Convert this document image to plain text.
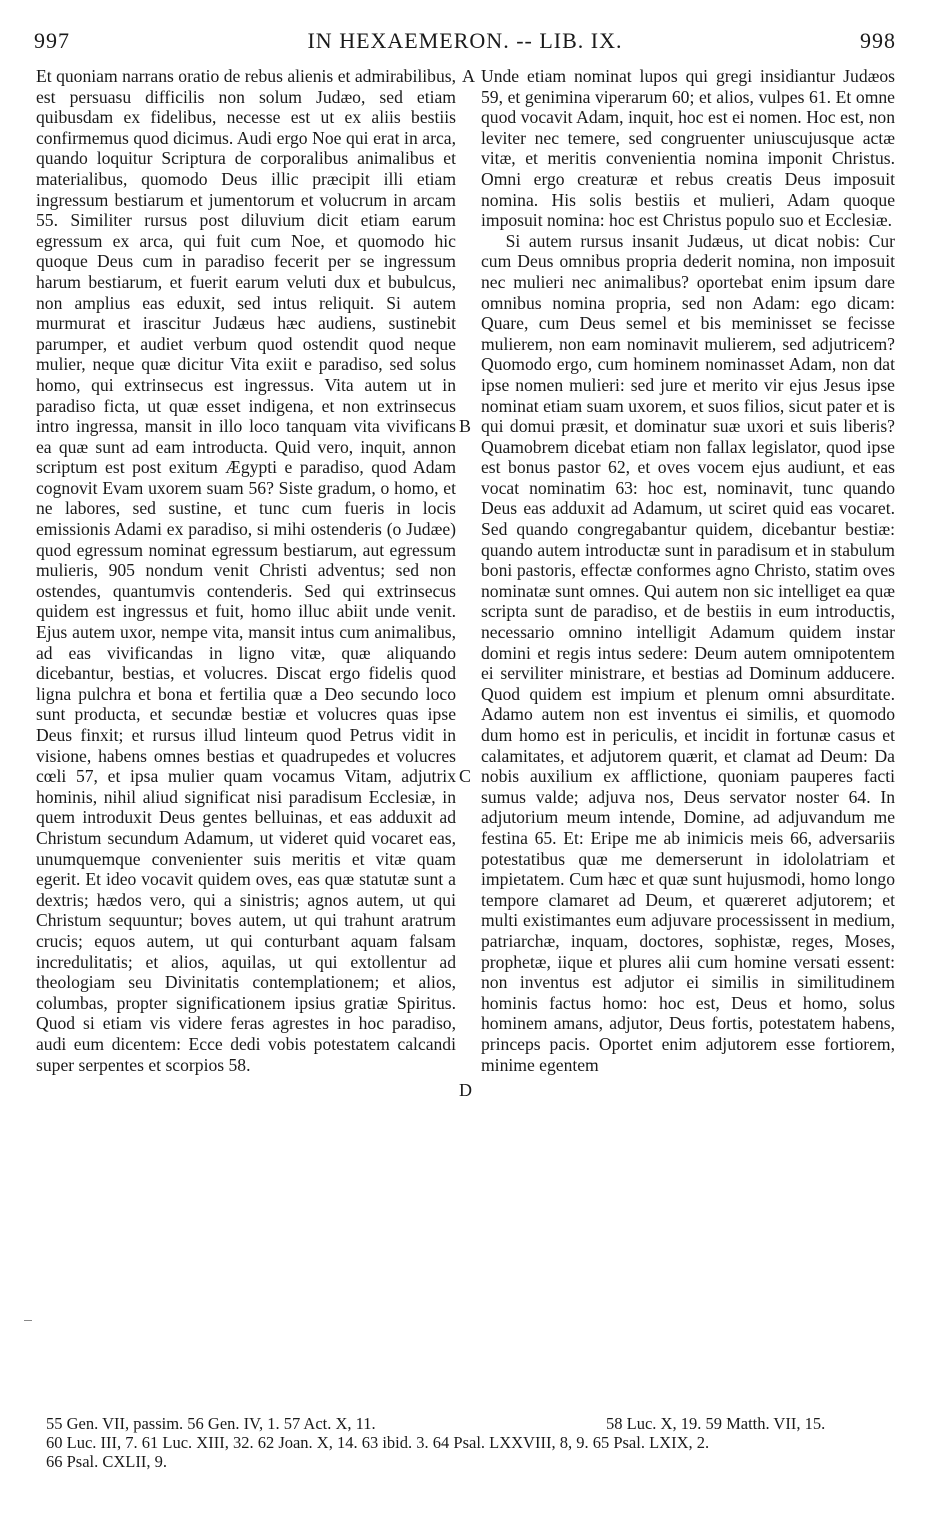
997	IN HEXAEMERON. -- LIB. IX.	998

Et quoniam narrans oratio de rebus alienis et admirabilibus, est persuasu difficilis non solum Judæo, sed etiam quibusdam ex fidelibus, necesse est ut ex aliis bestiis confirmemus quod dicimus. Audi ergo Noe qui erat in arca, quando loquitur Scriptura de corporalibus animalibus et materialibus, quomodo Deus illic præcipit illi etiam ingressum bestiarum et jumentorum et volucrum in arcam 55. Similiter rursus post diluvium dicit etiam earum egressum ex arca, qui fuit cum Noe, et quomodo hic quoque Deus cum in paradiso fecerit per se ingressum harum bestiarum, et fuerit earum veluti dux et bubulcus, non amplius eas eduxit, sed intus reliquit. Si autem murmurat et irascitur Judæus hæc audiens, sustinebit parumper, et audiet verbum quod ostendit quod neque mulier, neque quæ dicitur Vita exiit e paradiso, sed solus homo, qui extrinsecus est ingressus. Vita autem ut in paradiso ficta, ut quæ esset indigena, et non extrinsecus intro ingressa, mansit in illo loco tanquam vita vivificans ea quæ sunt ad eam introducta. Quid vero, inquit, annon scriptum est post exitum Ægypti e paradiso, quod Adam cognovit Evam uxorem suam 56? Siste gradum, o homo, et ne labores, sed sustine, et tunc cum fueris in locis emissionis Adami ex paradiso, si mihi ostenderis (o Judæe) quod egressum nominat egressum bestiarum, aut egressum mulieris, 905 nondum venit Christi adventus; sed non ostendes, quantumvis contenderis. Sed qui extrinsecus quidem est ingressus et fuit, homo illuc abiit unde venit. Ejus autem uxor, nempe vita, mansit intus cum animalibus, ad eas vivificandas in ligno vitæ, quæ aliquando dicebantur, bestias, et volucres. Discat ergo fidelis quod ligna pulchra et bona et fertilia quæ a Deo secundo loco sunt producta, et secundæ bestiæ et volucres quas ipse Deus finxit; et rursus illud linteum quod Petrus vidit in visione, habens omnes bestias et quadrupedes et volucres cœli 57, et ipsa mulier quam vocamus Vitam, adjutrix hominis, nihil aliud significat nisi paradisum Ecclesiæ, in quem introduxit Deus gentes belluinas, et eas adduxit ad Christum secundum Adamum, ut videret quid vocaret eas, unumquemque convenienter suis meritis et vitæ quam egerit. Et ideo vocavit quidem oves, eas quæ statutæ sunt a dextris; hædos vero, qui a sinistris; agnos autem, ut qui Christum sequuntur; boves autem, ut qui trahunt aratrum crucis; equos autem, ut qui conturbant aquam falsam incredulitatis; et alios, aquilas, ut qui extollentur ad theologiam seu Divinitatis contemplationem; et alios, columbas, propter significationem ipsius gratiæ Spiritus. Quod si etiam vis videre feras agrestes in hoc paradiso, audi eum dicentem: Ecce dedi vobis potestatem calcandi super serpentes et scorpios 58.

A
B
C
D

Unde etiam nominat lupos qui gregi insidiantur Judæos 59, et genimina viperarum 60; et alios, vulpes 61. Et omne quod vocavit Adam, inquit, hoc est ei nomen. Hoc est, non leviter nec temere, sed congruenter uniuscujusque actæ vitæ, et meritis convenientia nomina imponit Christus. Omni ergo creaturæ et rebus creatis Deus imposuit nomina. His solis bestiis et mulieri, Adam quoque imposuit nomina: hoc est Christus populo suo et Ecclesiæ.

Si autem rursus insanit Judæus, ut dicat nobis: Cur cum Deus omnibus propria dederit nomina, non imposuit nec mulieri nec animalibus? oportebat enim ipsum dare omnibus nomina propria, sed non Adam: ego dicam: Quare, cum Deus semel et bis meminisset se fecisse mulierem, non eam nominavit mulierem, sed adjutricem? Quomodo ergo, cum hominem nominasset Adam, non dat ipse nomen mulieri: sed jure et merito vir ejus Jesus ipse nominat etiam suam uxorem, et suos filios, sicut pater et is qui domui præsit, et dominatur suæ uxori et suis liberis? Quamobrem dicebat etiam non fallax legislator, quod ipse est bonus pastor 62, et oves vocem ejus audiunt, et eas vocat nominatim 63: hoc est, nominavit, tunc quando Deus eas adduxit ad Adamum, ut sciret quid eas vocaret. Sed quando congregabantur quidem, dicebantur bestiæ: quando autem introductæ sunt in paradisum et in stabulum boni pastoris, effectæ conformes agno Christo, statim oves nominatæ sunt omnes. Qui autem non sic intelliget ea quæ scripta sunt de paradiso, et de bestiis in eum introductis, necessario omnino intelligit Adamum quidem instar domini et regis intus sedere: Deum autem omnipotentem ei serviliter ministrare, et bestias ad Dominum adducere. Quod quidem est impium et plenum omni absurditate. Adamo autem non est inventus ei similis, et quomodo dum homo est in periculis, et incidit in fortunæ casus et calamitates, et adjutorem quærit, et clamat ad Deum: Da nobis auxilium ex afflictione, quoniam pauperes facti sumus valde; adjuva nos, Deus servator noster 64. In adjutorium meum intende, Domine, ad adjuvandum me festina 65. Et: Eripe me ab inimicis meis 66, adversariis potestatibus quæ me demerserunt in idololatriam et impietatem. Cum hæc et quæ sunt hujusmodi, homo longo tempore clamaret ad Deum, et quæreret adjutorem; et multi existimantes eum adjuvare processissent in medium, patriarchæ, inquam, doctores, sophistæ, reges, Moses, prophetæ, iique et plures alii cum homine versati essent: non inventus est adjutor ei similis in similitudinem hominis factus homo: hoc est, Deus et homo, solus hominem amans, adjutor, Deus fortis, potestatem habens, princeps pacis. Oportet enim adjutorem esse fortiorem, minime egentem

55 Gen. VII, passim. 56 Gen. IV, 1. 57 Act. X, 11.	58 Luc. X, 19. 59 Matth. VII, 15.
60 Luc. III, 7. 61 Luc. XIII, 32. 62 Joan. X, 14. 63 ibid. 3. 64 Psal. LXXVIII, 8, 9. 65 Psal. LXIX, 2.
66 Psal. CXLII, 9.
